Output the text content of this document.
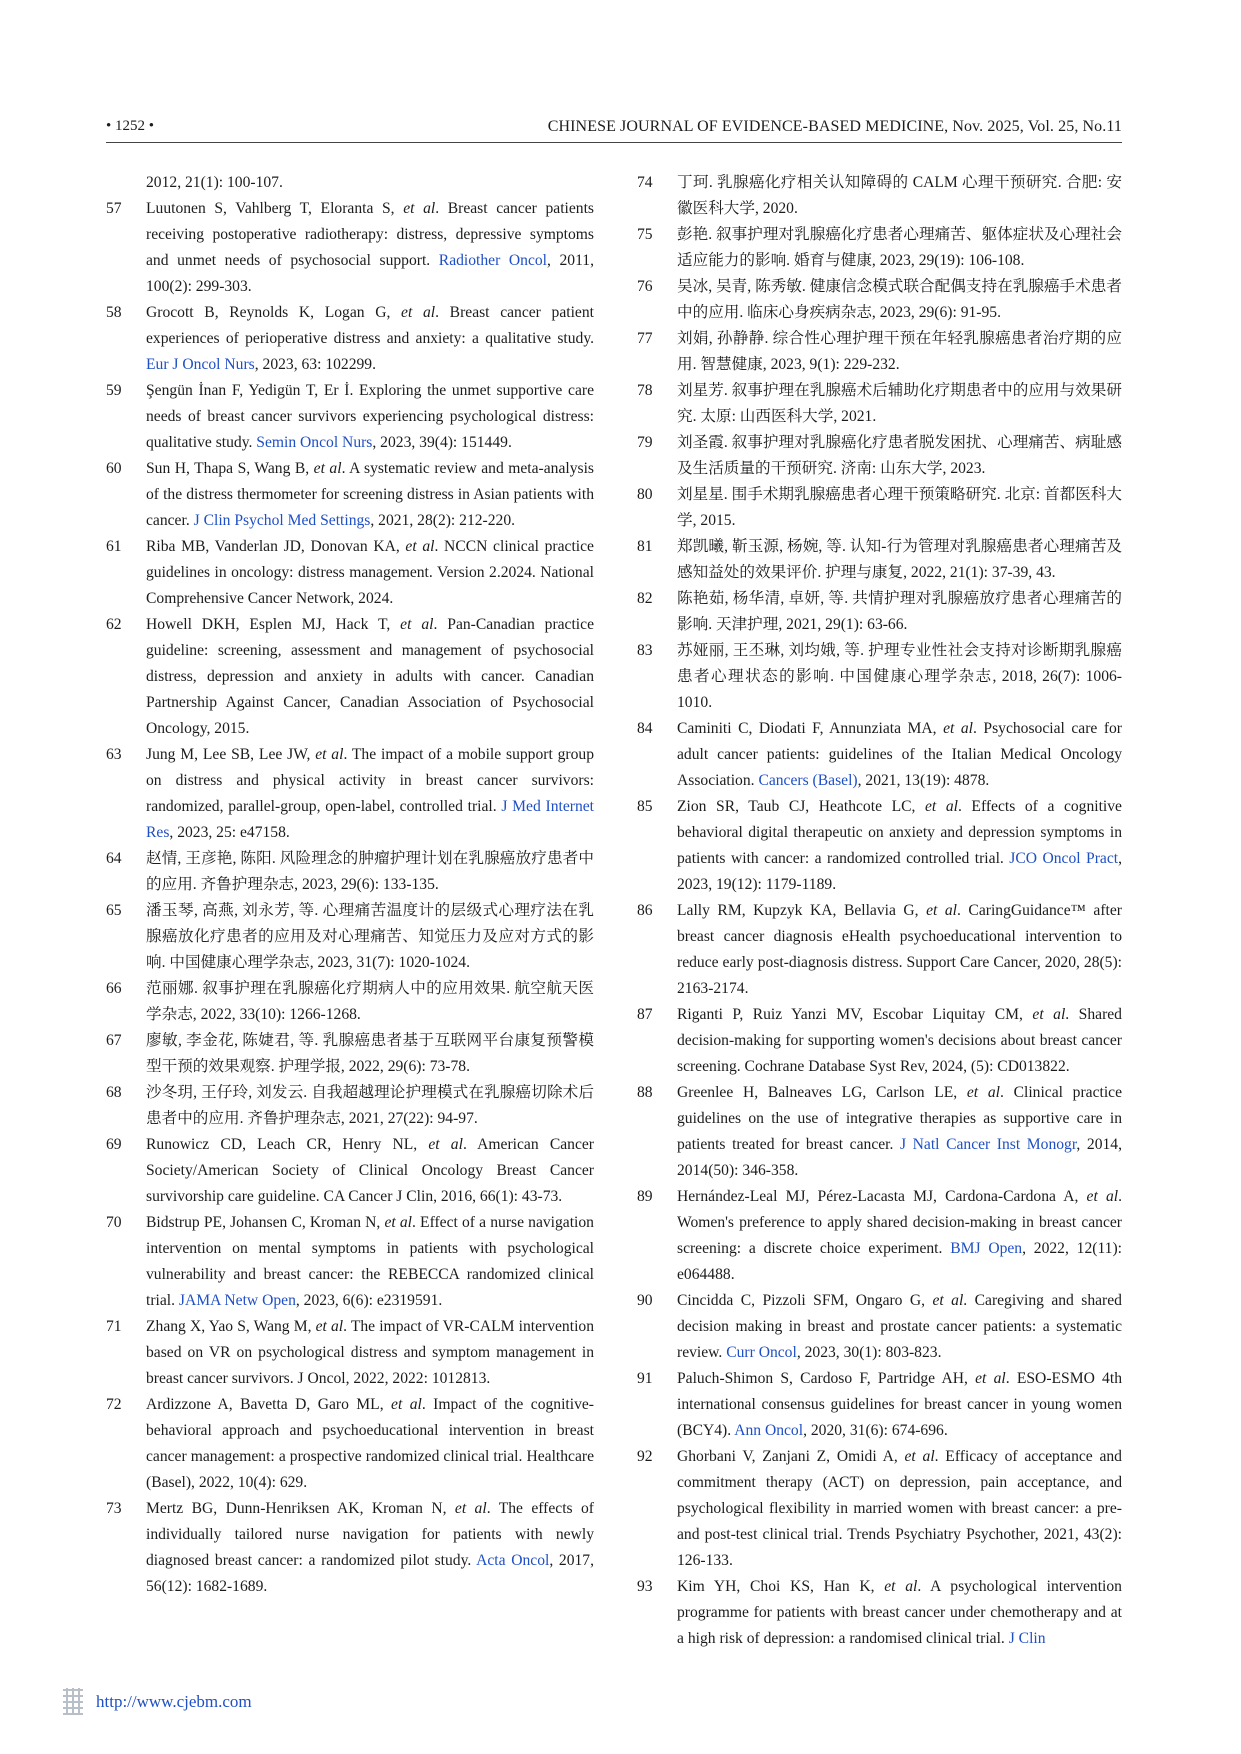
• 1252 •	CHINESE JOURNAL OF EVIDENCE-BASED MEDICINE, Nov. 2025, Vol. 25, No.11
2012, 21(1): 100-107.
57 Luutonen S, Vahlberg T, Eloranta S, et al. Breast cancer patients receiving postoperative radiotherapy: distress, depressive symptoms and unmet needs of psychosocial support. Radiother Oncol, 2011, 100(2): 299-303.
58 Grocott B, Reynolds K, Logan G, et al. Breast cancer patient experiences of perioperative distress and anxiety: a qualitative study. Eur J Oncol Nurs, 2023, 63: 102299.
59 Şengün İnan F, Yedigün T, Er İ. Exploring the unmet supportive care needs of breast cancer survivors experiencing psychological distress: qualitative study. Semin Oncol Nurs, 2023, 39(4): 151449.
60 Sun H, Thapa S, Wang B, et al. A systematic review and meta-analysis of the distress thermometer for screening distress in Asian patients with cancer. J Clin Psychol Med Settings, 2021, 28(2): 212-220.
61 Riba MB, Vanderlan JD, Donovan KA, et al. NCCN clinical practice guidelines in oncology: distress management. Version 2.2024. National Comprehensive Cancer Network, 2024.
62 Howell DKH, Esplen MJ, Hack T, et al. Pan-Canadian practice guideline: screening, assessment and management of psychosocial distress, depression and anxiety in adults with cancer. Canadian Partnership Against Cancer, Canadian Association of Psychosocial Oncology, 2015.
63 Jung M, Lee SB, Lee JW, et al. The impact of a mobile support group on distress and physical activity in breast cancer survivors: randomized, parallel-group, open-label, controlled trial. J Med Internet Res, 2023, 25: e47158.
64 赵情, 王彦艳, 陈阳. 风险理念的肿瘤护理计划在乳腺癌放疗患者中的应用. 齐鲁护理杂志, 2023, 29(6): 133-135.
65 潘玉琴, 高燕, 刘永芳, 等. 心理痛苦温度计的层级式心理疗法在乳腺癌放化疗患者的应用及对心理痛苦、知觉压力及应对方式的影响. 中国健康心理学杂志, 2023, 31(7): 1020-1024.
66 范丽娜. 叙事护理在乳腺癌化疗期病人中的应用效果. 航空航天医学杂志, 2022, 33(10): 1266-1268.
67 廖敏, 李金花, 陈婕君, 等. 乳腺癌患者基于互联网平台康复预警模型干预的效果观察. 护理学报, 2022, 29(6): 73-78.
68 沙冬玥, 王仔玲, 刘发云. 自我超越理论护理模式在乳腺癌切除术后患者中的应用. 齐鲁护理杂志, 2021, 27(22): 94-97.
69 Runowicz CD, Leach CR, Henry NL, et al. American Cancer Society/American Society of Clinical Oncology Breast Cancer survivorship care guideline. CA Cancer J Clin, 2016, 66(1): 43-73.
70 Bidstrup PE, Johansen C, Kroman N, et al. Effect of a nurse navigation intervention on mental symptoms in patients with psychological vulnerability and breast cancer: the REBECCA randomized clinical trial. JAMA Netw Open, 2023, 6(6): e2319591.
71 Zhang X, Yao S, Wang M, et al. The impact of VR-CALM intervention based on VR on psychological distress and symptom management in breast cancer survivors. J Oncol, 2022, 2022: 1012813.
72 Ardizzone A, Bavetta D, Garo ML, et al. Impact of the cognitive-behavioral approach and psychoeducational intervention in breast cancer management: a prospective randomized clinical trial. Healthcare (Basel), 2022, 10(4): 629.
73 Mertz BG, Dunn-Henriksen AK, Kroman N, et al. The effects of individually tailored nurse navigation for patients with newly diagnosed breast cancer: a randomized pilot study. Acta Oncol, 2017, 56(12): 1682-1689.
74 丁珂. 乳腺癌化疗相关认知障碍的 CALM 心理干预研究. 合肥: 安徽医科大学, 2020.
75 彭艳. 叙事护理对乳腺癌化疗患者心理痛苦、躯体症状及心理社会适应能力的影响. 婚育与健康, 2023, 29(19): 106-108.
76 吴冰, 吴青, 陈秀敏. 健康信念模式联合配偶支持在乳腺癌手术患者中的应用. 临床心身疾病杂志, 2023, 29(6): 91-95.
77 刘娟, 孙静静. 综合性心理护理干预在年轻乳腺癌患者治疗期的应用. 智慧健康, 2023, 9(1): 229-232.
78 刘星芳. 叙事护理在乳腺癌术后辅助化疗期患者中的应用与效果研究. 太原: 山西医科大学, 2021.
79 刘圣霞. 叙事护理对乳腺癌化疗患者脱发困扰、心理痛苦、病耻感及生活质量的干预研究. 济南: 山东大学, 2023.
80 刘星星. 围手术期乳腺癌患者心理干预策略研究. 北京: 首都医科大学, 2015.
81 郑凯曦, 靳玉源, 杨婉, 等. 认知-行为管理对乳腺癌患者心理痛苦及感知益处的效果评价. 护理与康复, 2022, 21(1): 37-39, 43.
82 陈艳茹, 杨华清, 卓妍, 等. 共情护理对乳腺癌放疗患者心理痛苦的影响. 天津护理, 2021, 29(1): 63-66.
83 苏娅丽, 王丕琳, 刘均娥, 等. 护理专业性社会支持对诊断期乳腺癌患者心理状态的影响. 中国健康心理学杂志, 2018, 26(7): 1006-1010.
84 Caminiti C, Diodati F, Annunziata MA, et al. Psychosocial care for adult cancer patients: guidelines of the Italian Medical Oncology Association. Cancers (Basel), 2021, 13(19): 4878.
85 Zion SR, Taub CJ, Heathcote LC, et al. Effects of a cognitive behavioral digital therapeutic on anxiety and depression symptoms in patients with cancer: a randomized controlled trial. JCO Oncol Pract, 2023, 19(12): 1179-1189.
86 Lally RM, Kupzyk KA, Bellavia G, et al. CaringGuidance™ after breast cancer diagnosis eHealth psychoeducational intervention to reduce early post-diagnosis distress. Support Care Cancer, 2020, 28(5): 2163-2174.
87 Riganti P, Ruiz Yanzi MV, Escobar Liquitay CM, et al. Shared decision-making for supporting women's decisions about breast cancer screening. Cochrane Database Syst Rev, 2024, (5): CD013822.
88 Greenlee H, Balneaves LG, Carlson LE, et al. Clinical practice guidelines on the use of integrative therapies as supportive care in patients treated for breast cancer. J Natl Cancer Inst Monogr, 2014, 2014(50): 346-358.
89 Hernández-Leal MJ, Pérez-Lacasta MJ, Cardona-Cardona A, et al. Women's preference to apply shared decision-making in breast cancer screening: a discrete choice experiment. BMJ Open, 2022, 12(11): e064488.
90 Cincidda C, Pizzoli SFM, Ongaro G, et al. Caregiving and shared decision making in breast and prostate cancer patients: a systematic review. Curr Oncol, 2023, 30(1): 803-823.
91 Paluch-Shimon S, Cardoso F, Partridge AH, et al. ESO-ESMO 4th international consensus guidelines for breast cancer in young women (BCY4). Ann Oncol, 2020, 31(6): 674-696.
92 Ghorbani V, Zanjani Z, Omidi A, et al. Efficacy of acceptance and commitment therapy (ACT) on depression, pain acceptance, and psychological flexibility in married women with breast cancer: a pre- and post-test clinical trial. Trends Psychiatry Psychother, 2021, 43(2): 126-133.
93 Kim YH, Choi KS, Han K, et al. A psychological intervention programme for patients with breast cancer under chemotherapy and at a high risk of depression: a randomised clinical trial. J Clin
http://www.cjebm.com
